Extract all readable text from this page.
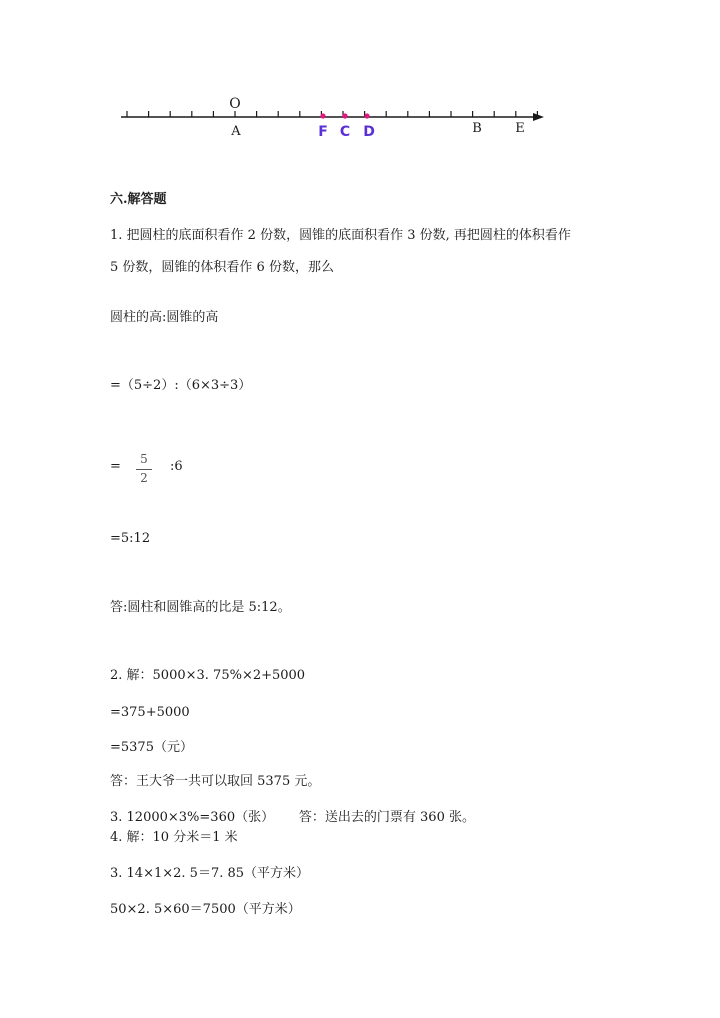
O
A	F C D	B	E
六.解答题
1. 把圆柱的底面积看作 2 份数，圆锥的底面积看作 3 份数, 再把圆柱的体积看作
5 份数，圆锥的体积看作 6 份数，那么
圆柱的高:圆锥的高
=（5÷2）:（6×3÷3）
=	5
2
:6
=5:12
答:圆柱和圆锥高的比是 5:12。
2. 解：5000×3. 75%×2+5000
=375+5000
=5375（元）
答：王大爷一共可以取回 5375 元。
3. 12000×3%=360（张）      答：送出去的门票有 360 张。
4. 解：10 分米＝1 米
3. 14×1×2. 5＝7. 85（平方米）
50×2. 5×60＝7500（平方米）
